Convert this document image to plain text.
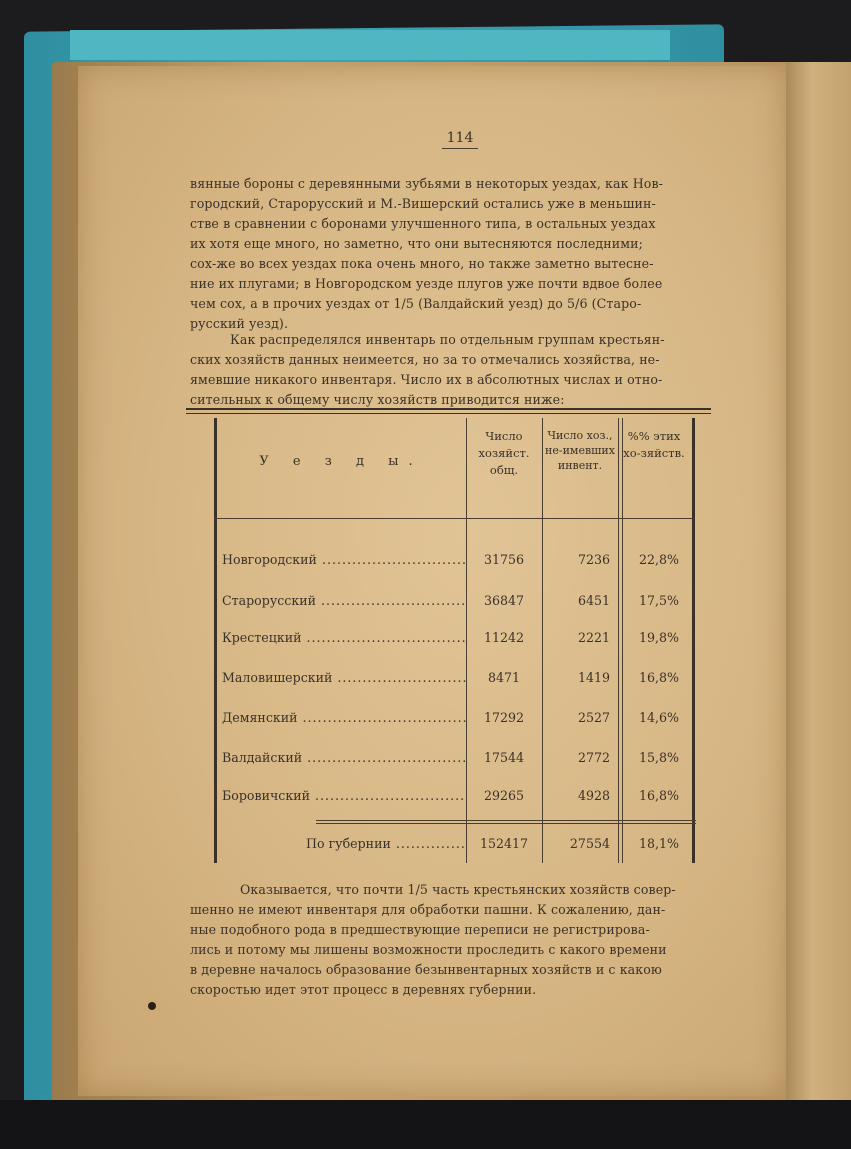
114

вянные бороны с деревянными зубьями в некоторых уездах, как Нов-

городский, Старорусский и М.-Вишерский остались уже в меньшин-

стве в сравнении с боронами улучшенного типа, в остальных уездах

их хотя еще много, но заметно, что они вытесняются последними;

сох-же во всех уездах пока очень много, но также заметно вытесне-

ние их плугами; в Новгородском уезде плугов уже почти вдвое более

чем сох, а в прочих уездах от 1/5 (Валдайский уезд) до 5/6 (Старо-

русский уезд).

Как распределялся инвентарь по отдельным группам крестьян-

ских хозяйств данных неимеется, но за то отмечались хозяйства, не-

ямевшие никакого инвентаря. Число их в абсолютных числах и отно-

сительных к общему числу хозяйств приводится ниже:

У е з д ы.
Число хозяйст. общ.
Число хоз., не-имевших инвент.
%% этих хо-зяйств.
Новгородский .....	31756	7236	22,8%
Старорусский .....	36847	6451	17,5%
Крестецкий .....	11242	2221	19,8%
Маловишерский .....	8471	1419	16,8%
Демянский .....	17292	2527	14,6%
Валдайский .....	17544	2772	15,8%
Боровичский .....	29265	4928	16,8%
По губернии .....	152417	27554	18,1%

Оказывается, что почти 1/5 часть крестьянских хозяйств совер-

шенно не имеют инвентаря для обработки пашни. К сожалению, дан-

ные подобного рода в предшествующие переписи не регистрирова-

лись и потому мы лишены возможности проследить с какого времени

в деревне началось образование безынвентарных хозяйств и с какою

скоростью идет этот процесс в деревнях губернии.
